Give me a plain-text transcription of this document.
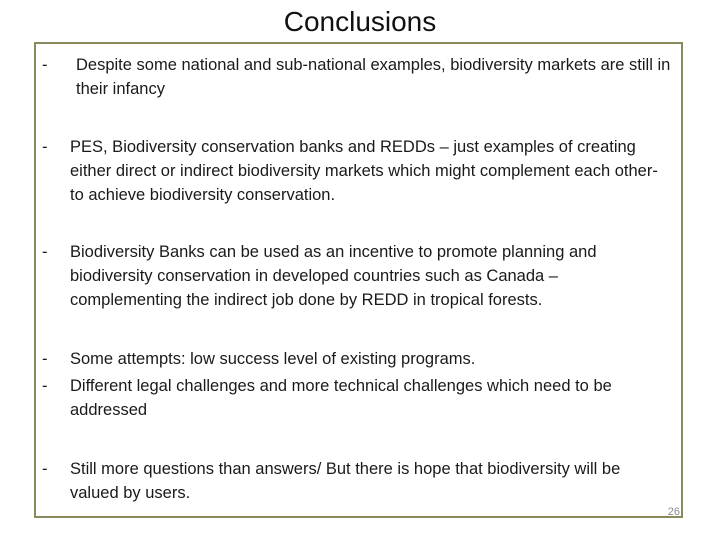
Conclusions
-	Despite some national and sub-national examples, biodiversity markets are still in their infancy
-	PES, Biodiversity conservation banks and REDDs – just examples of creating either direct or indirect biodiversity markets which might complement each other- to achieve biodiversity conservation.
-	Biodiversity Banks can be used as an incentive to promote planning and biodiversity conservation in developed countries such as Canada – complementing the indirect job done by REDD in tropical forests.
-	Some attempts: low success level of existing programs.
-	Different legal challenges and more technical challenges which need to be addressed
-	Still more questions than answers/ But there is hope that biodiversity will be valued by users.
26
